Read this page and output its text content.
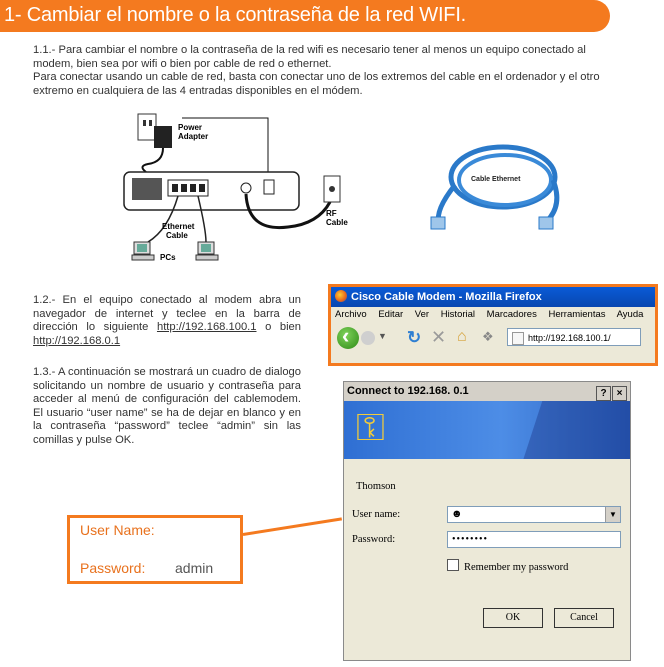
1- Cambiar el nombre o la contraseña de la red WIFI.
1.1.- Para cambiar el nombre o la contraseña de la red wifi es necesario tener al menos un equipo conectado al
modem, bien sea por wifi o bien por cable de red o ethernet.
Para conectar usando un cable de red, basta con conectar uno de los extremos del cable en el ordenador y el otro
extremo en cualquiera de las 4 entradas disponibles en el módem.
Power
Adapter
Ethernet
Cable
PCs
RF
Cable
Cable Ethernet
1.2.- En el equipo conectado al modem abra un navegador de internet y teclee en la barra de dirección lo siguiente http://192.168.100.1 o bien http://192.168.0.1
Cisco Cable Modem - Mozilla Firefox
Archivo Editar Ver Historial Marcadores Herramientas Ayuda
‹
▼ ↻ ✕ ⌂ ❖	http://192.168.100.1/
1.3.- A continuación se mostrará un cuadro de dialogo solicitando un nombre de usuario y contraseña para acceder al menú de configuración del cablemodem. El usuario “user name” se ha de dejar en blanco y en la contraseña “password” teclee “admin” sin las comillas y pulse OK.
Connect to 192.168. 0.1	? ×
⚿
Thomson
User name:	☻	▼
Password:	••••••••
Remember my password
OK	Cancel
User Name:
Password: admin
